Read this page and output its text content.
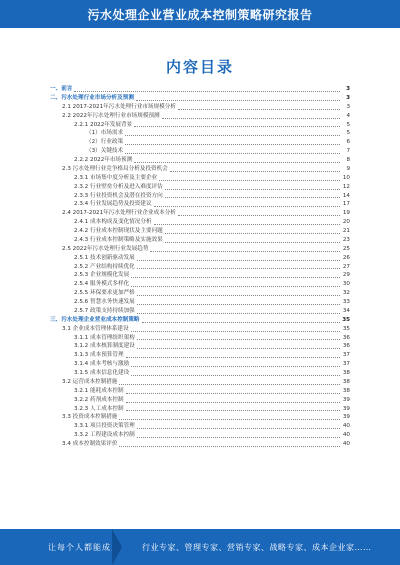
污水处理企业营业成本控制策略研究报告
内容目录
一、前言	3
二、污水处理行业市场分析及预测	3
2.1 2017-2021年污水处理行业市场规模分析	3
2.2 2022年污水处理行业市场规模预测	4
2.2.1 2022年发展背景	5
（1）市场需求	5
（2）行业政策	6
（3）关键技术	7
2.2.2 2022年市场预测	8
2.3 污水处理行业竞争格局分析及投资机会	9
2.3.1 市场集中度分析及主要企业	10
2.3.2 行业壁垒分析及进入难度评估	12
2.3.3 行业投资机会及潜在投资方向	14
2.3.4 行业发展趋势及投资建议	17
2.4 2017-2021年污水处理行业企业成本分析	19
2.4.1 成本构成及变化情况分析	20
2.4.2 行业成本控制现状及主要问题	21
2.4.3 行业成本控制策略及实施效果	23
2.5 2022年污水处理行业发展趋势	25
2.5.1 技术创新驱动发展	26
2.5.2 产业结构持续优化	27
2.5.3 企业规模化发展	29
2.5.4 服务模式多样化	30
2.5.5 环保要求更加严格	32
2.5.6 智慧水务快速发展	33
2.5.7 政策支持持续加强	34
三、污水处理企业营业成本控制策略	35
3.1 企业成本管理体系建设	35
3.1.1 成本管理组织架构	36
3.1.2 成本核算制度建设	36
3.1.3 成本预算管理	37
3.1.4 成本考核与激励	37
3.1.5 成本信息化建设	38
3.2 运营成本控制措施	38
3.2.1 能耗成本控制	38
3.2.2 药剂成本控制	39
3.2.3 人工成本控制	39
3.3 投资成本控制措施	39
3.3.1 项目投资决策管理	40
3.3.2 工程建设成本控制	40
3.4 成本控制效果评价	40
让每个人都能成为	行业专家、管理专家、营销专家、战略专家、成本企业家……
